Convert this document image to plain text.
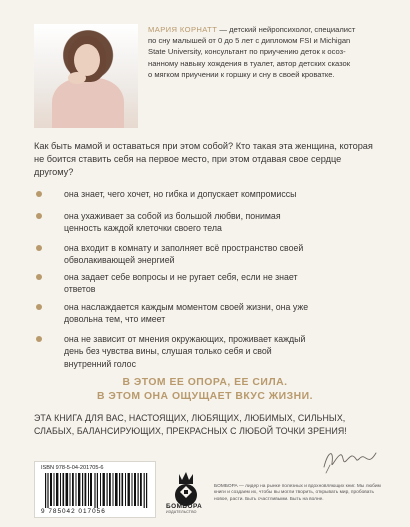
МАРИЯ КОРНАТТ — детский нейропсихолог, специалист
по сну малышей от 0 до 5 лет с дипломом FSI и Michigan
State University, консультант по приучению деток к осоз-
нанному навыку хождения в туалет, автор детских сказок
о мягком приучении к горшку и сну в своей кроватке.

Как быть мамой и оставаться при этом собой? Кто такая эта женщина, которая не боится ставить себя на первое место, при этом отдавая свое сердце другому?

она знает, чего хочет, но гибка и допускает компромиссы
она ухаживает за собой из большой любви, понимая
ценность каждой клеточки своего тела
она входит в комнату и заполняет всё пространство своей
обволакивающей энергией
она задает себе вопросы и не ругает себя, если не знает
ответов
она наслаждается каждым моментом своей жизни, она уже
довольна тем, что имеет
она не зависит от мнения окружающих, проживает каждый
день без чувства вины, слушая только себя и свой
внутренний голос
В ЭТОМ ЕЕ ОПОРА, ЕЕ СИЛА.
В ЭТОМ ОНА ОЩУЩАЕТ ВКУС ЖИЗНИ.

ЭТА КНИГА ДЛЯ ВАС, НАСТОЯЩИХ, ЛЮБЯЩИХ, ЛЮБИМЫХ, СИЛЬНЫХ, СЛАБЫХ, БАЛАНСИРУЮЩИХ, ПРЕКРАСНЫХ С ЛЮБОЙ ТОЧКИ ЗРЕНИЯ!

ISBN 978-5-04-201705-6
9 785042 017056
БОМБОРА
ИЗДАТЕЛЬСТВО

БОМБОРА — лидер на рынке полезных и вдохновляющих книг. Мы любим книги и создаем их, чтобы вы могли творить, открывать мир, пробовать новое, расти. Быть счастливыми. Быть на волне.
